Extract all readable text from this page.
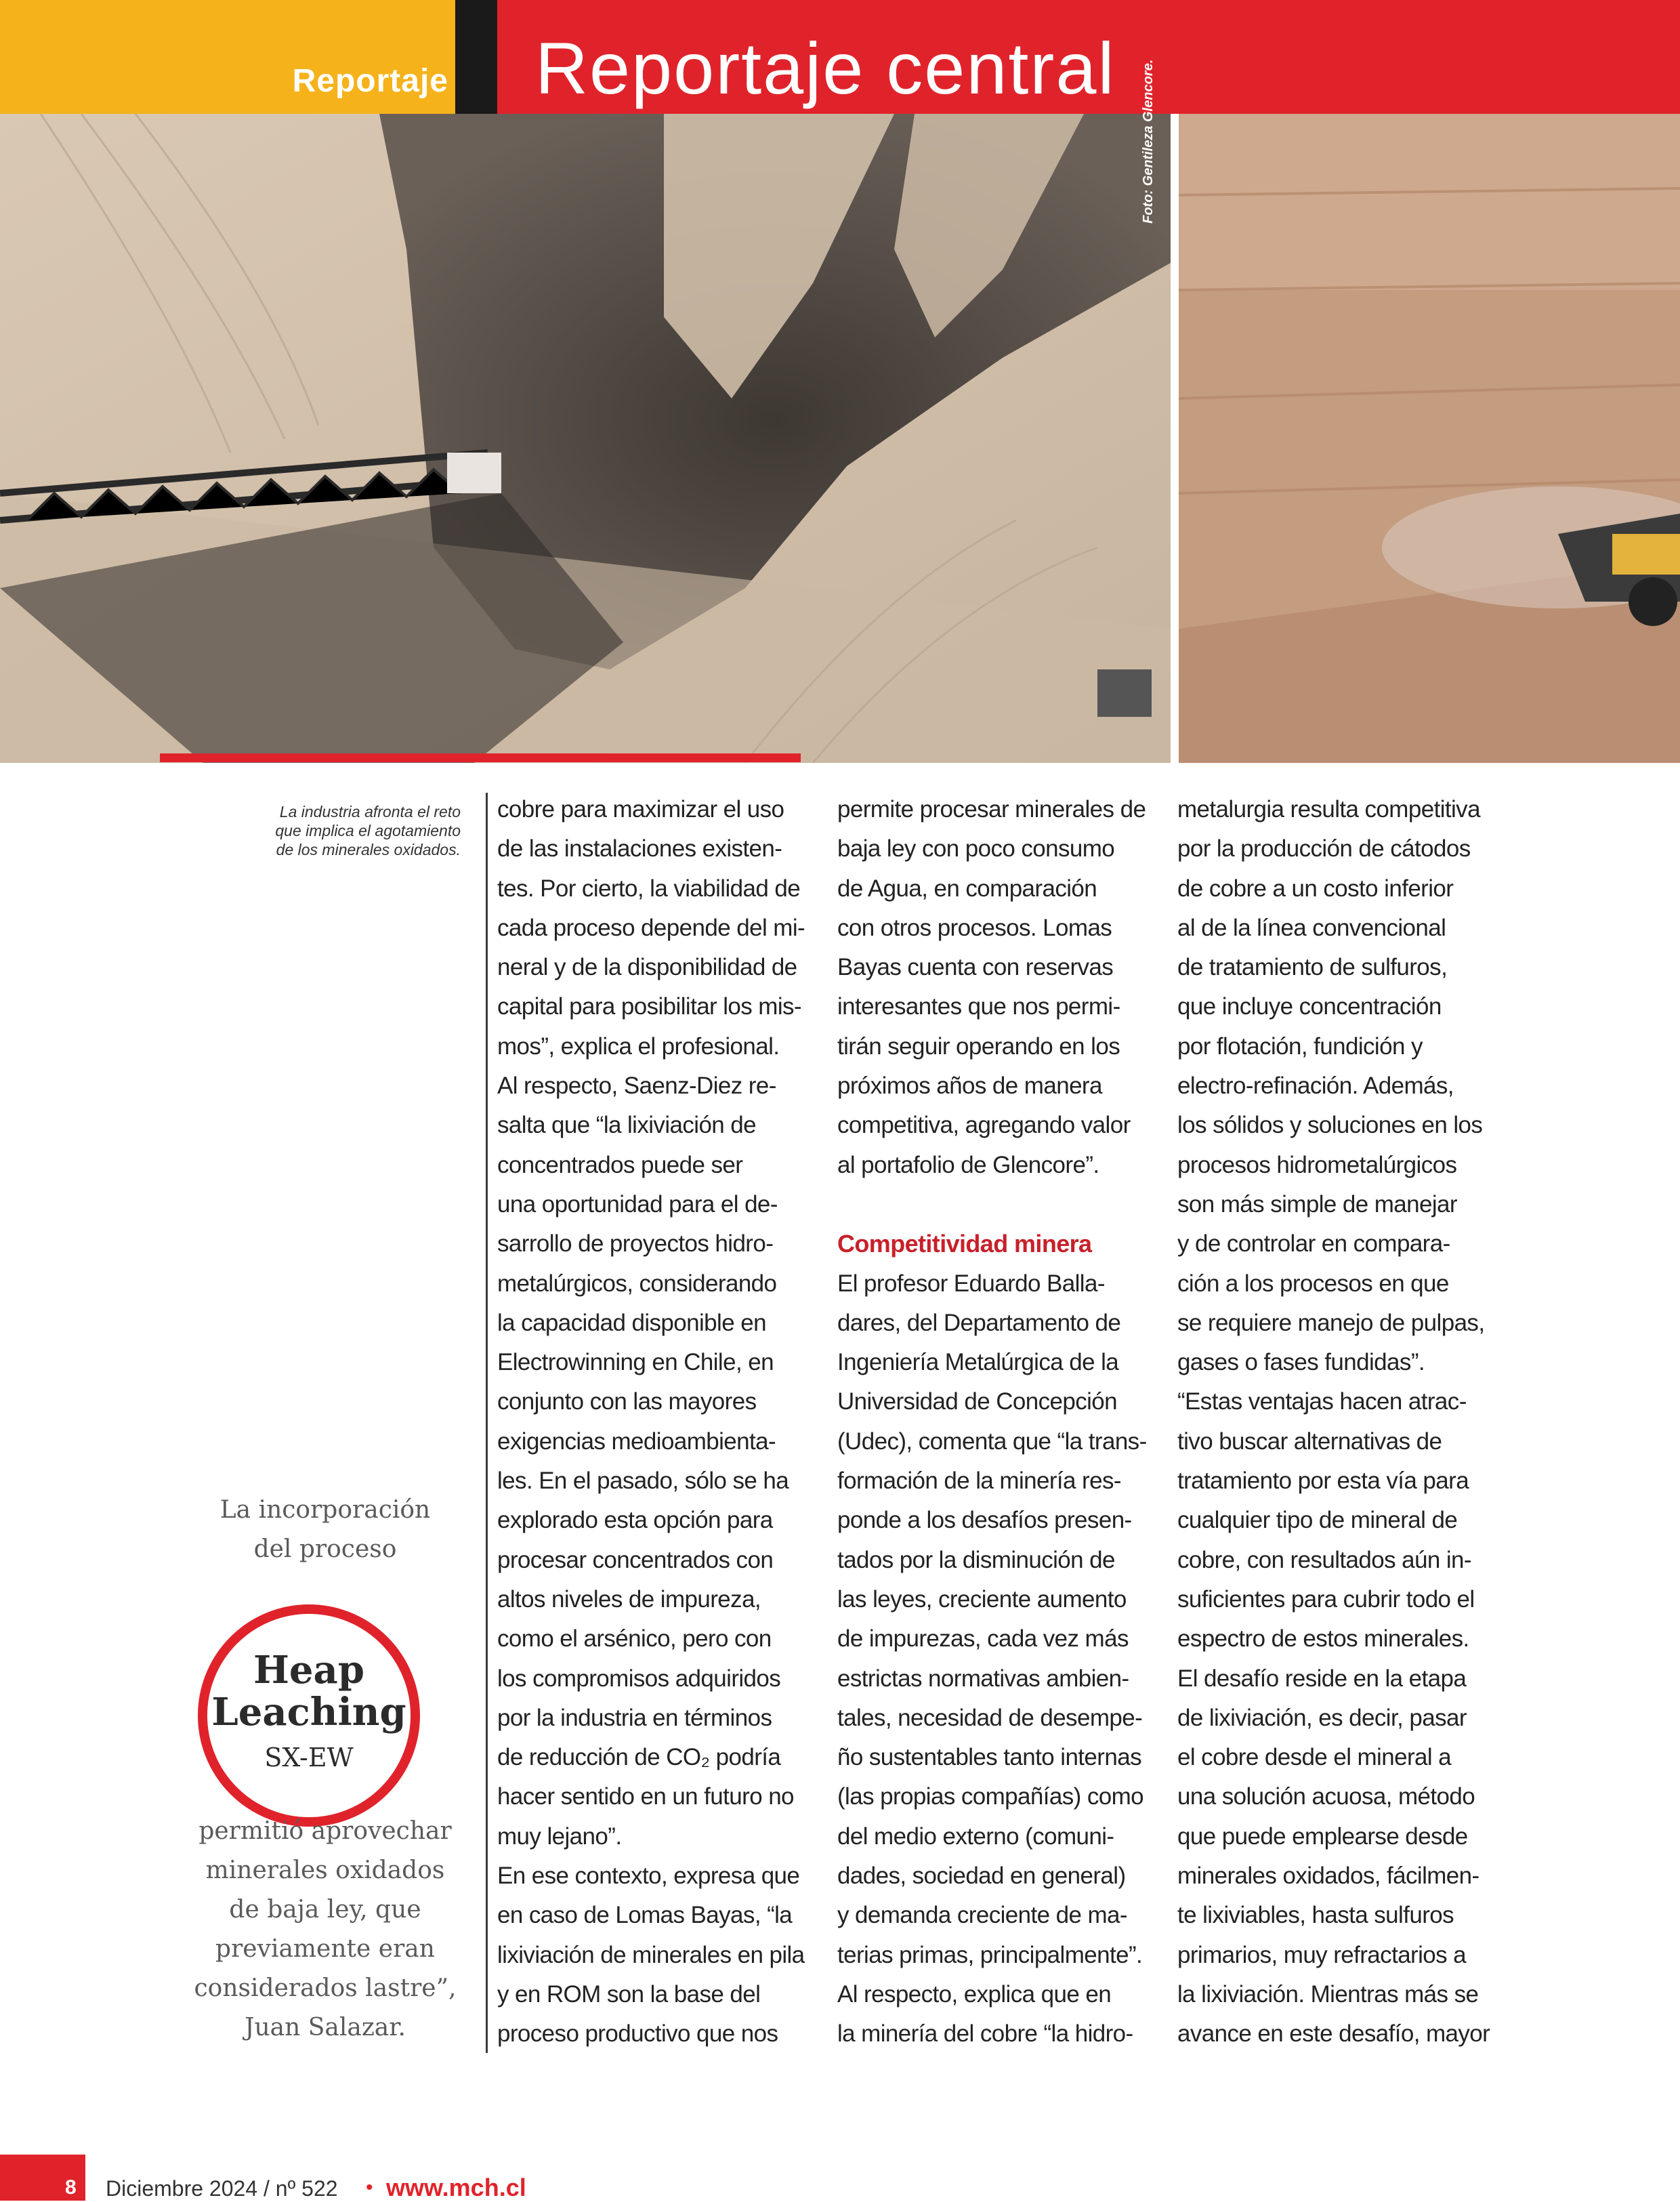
Reportaje Reportaje central Foto: Gentileza Glencore.
La industria afronta el reto
que implica el agotamiento
de los minerales oxidados.
La incorporación
del proceso
Heap
Leaching
SX-EW
permitió aprovechar
minerales oxidados
de baja ley, que
previamente eran
considerados lastre”,
Juan Salazar.
cobre para maximizar el uso
de las instalaciones existen-
tes. Por cierto, la viabilidad de
cada proceso depende del mi-
neral y de la disponibilidad de
capital para posibilitar los mis-
mos”, explica el profesional.
Al respecto, Saenz-Diez re-
salta que “la lixiviación de
concentrados puede ser
una oportunidad para el de-
sarrollo de proyectos hidro-
metalúrgicos, considerando
la capacidad disponible en
Electrowinning en Chile, en
conjunto con las mayores
exigencias medioambienta-
les. En el pasado, sólo se ha
explorado esta opción para
procesar concentrados con
altos niveles de impureza,
como el arsénico, pero con
los compromisos adquiridos
por la industria en términos
de reducción de CO₂ podría
hacer sentido en un futuro no
muy lejano”.
En ese contexto, expresa que
en caso de Lomas Bayas, “la
lixiviación de minerales en pila
y en ROM son la base del
proceso productivo que nos
permite procesar minerales de
baja ley con poco consumo
de Agua, en comparación
con otros procesos. Lomas
Bayas cuenta con reservas
interesantes que nos permi-
tirán seguir operando en los
próximos años de manera
competitiva, agregando valor
al portafolio de Glencore”.
Competitividad minera
El profesor Eduardo Balla-
dares, del Departamento de
Ingeniería Metalúrgica de la
Universidad de Concepción
(Udec), comenta que “la trans-
formación de la minería res-
ponde a los desafíos presen-
tados por la disminución de
las leyes, creciente aumento
de impurezas, cada vez más
estrictas normativas ambien-
tales, necesidad de desempe-
ño sustentables tanto internas
(las propias compañías) como
del medio externo (comuni-
dades, sociedad en general)
y demanda creciente de ma-
terias primas, principalmente”.
Al respecto, explica que en
la minería del cobre “la hidro-
metalurgia resulta competitiva
por la producción de cátodos
de cobre a un costo inferior
al de la línea convencional
de tratamiento de sulfuros,
que incluye concentración
por flotación, fundición y
electro-refinación. Además,
los sólidos y soluciones en los
procesos hidrometalúrgicos
son más simple de manejar
y de controlar en compara-
ción a los procesos en que
se requiere manejo de pulpas,
gases o fases fundidas”.
“Estas ventajas hacen atrac-
tivo buscar alternativas de
tratamiento por esta vía para
cualquier tipo de mineral de
cobre, con resultados aún in-
suficientes para cubrir todo el
espectro de estos minerales.
El desafío reside en la etapa
de lixiviación, es decir, pasar
el cobre desde el mineral a
una solución acuosa, método
que puede emplearse desde
minerales oxidados, fácilmen-
te lixiviables, hasta sulfuros
primarios, muy refractarios a
la lixiviación. Mientras más se
avance en este desafío, mayor
8 Diciembre 2024 / nº 522 • www.mch.cl
